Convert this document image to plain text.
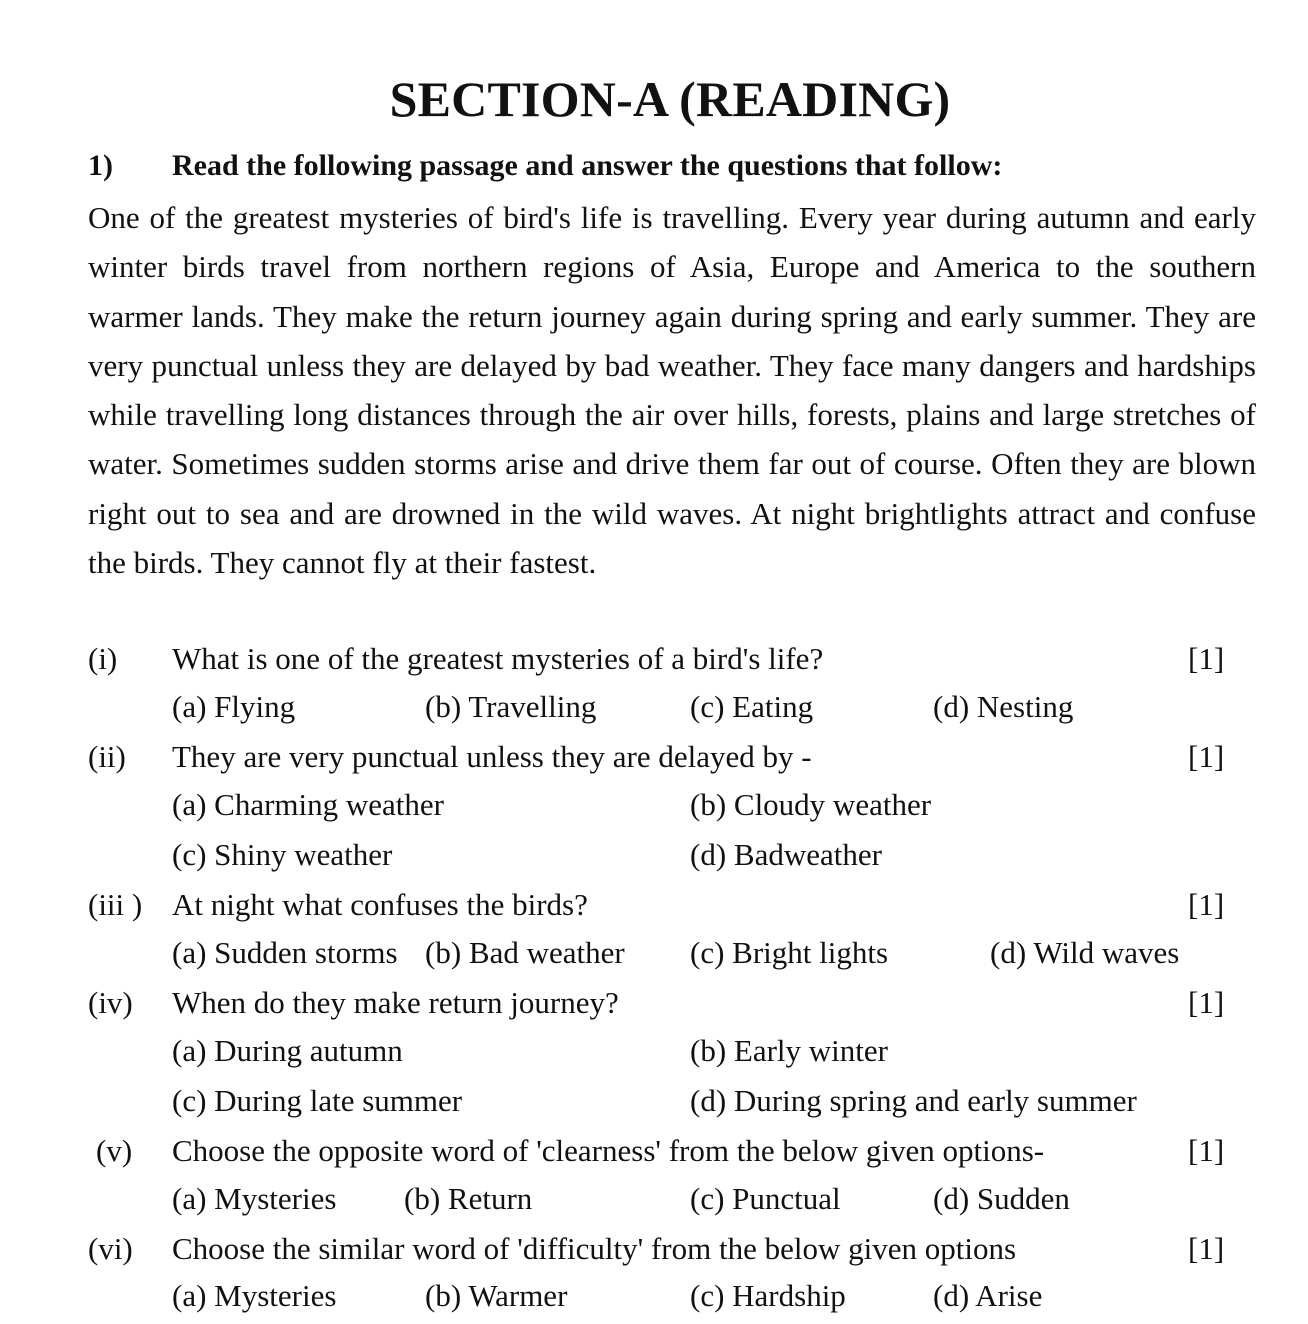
SECTION-A (READING)
1) Read the following passage and answer the questions that follow:

One of the greatest mysteries of bird's life is travelling. Every year during autumn and early winter birds travel from northern regions of Asia, Europe and America to the southern warmer lands. They make the return journey again during spring and early summer. They are very punctual unless they are delayed by bad weather. They face many dangers and hardships while travelling long distances through the air over hills, forests, plains and large stretches of water. Sometimes sudden storms arise and drive them far out of course. Often they are blown right out to sea and are drowned in the wild waves. At night brightlights attract and confuse the birds. They cannot fly at their fastest.

(i) What is one of the greatest mysteries of a bird's life?	[1]
(a) Flying	(b) Travelling	(c) Eating	(d) Nesting
(ii) They are very punctual unless they are delayed by -	[1]
(a) Charming weather	(b) Cloudy weather
(c) Shiny weather	(d) Badweather
(iii ) At night what confuses the birds?	[1]
(a) Sudden storms (b) Bad weather (c) Bright lights	(d) Wild waves
(iv) When do they make return journey?	[1]
(a) During autumn	(b) Early winter
(c) During late summer	(d) During spring and early summer
(v) Choose the opposite word of 'clearness' from the below given options-	[1]
(a) Mysteries (b) Return	(c) Punctual	(d) Sudden
(vi) Choose the similar word of 'difficulty' from the below given options	[1]
(a) Mysteries	(b) Warmer	(c) Hardship	(d) Arise
